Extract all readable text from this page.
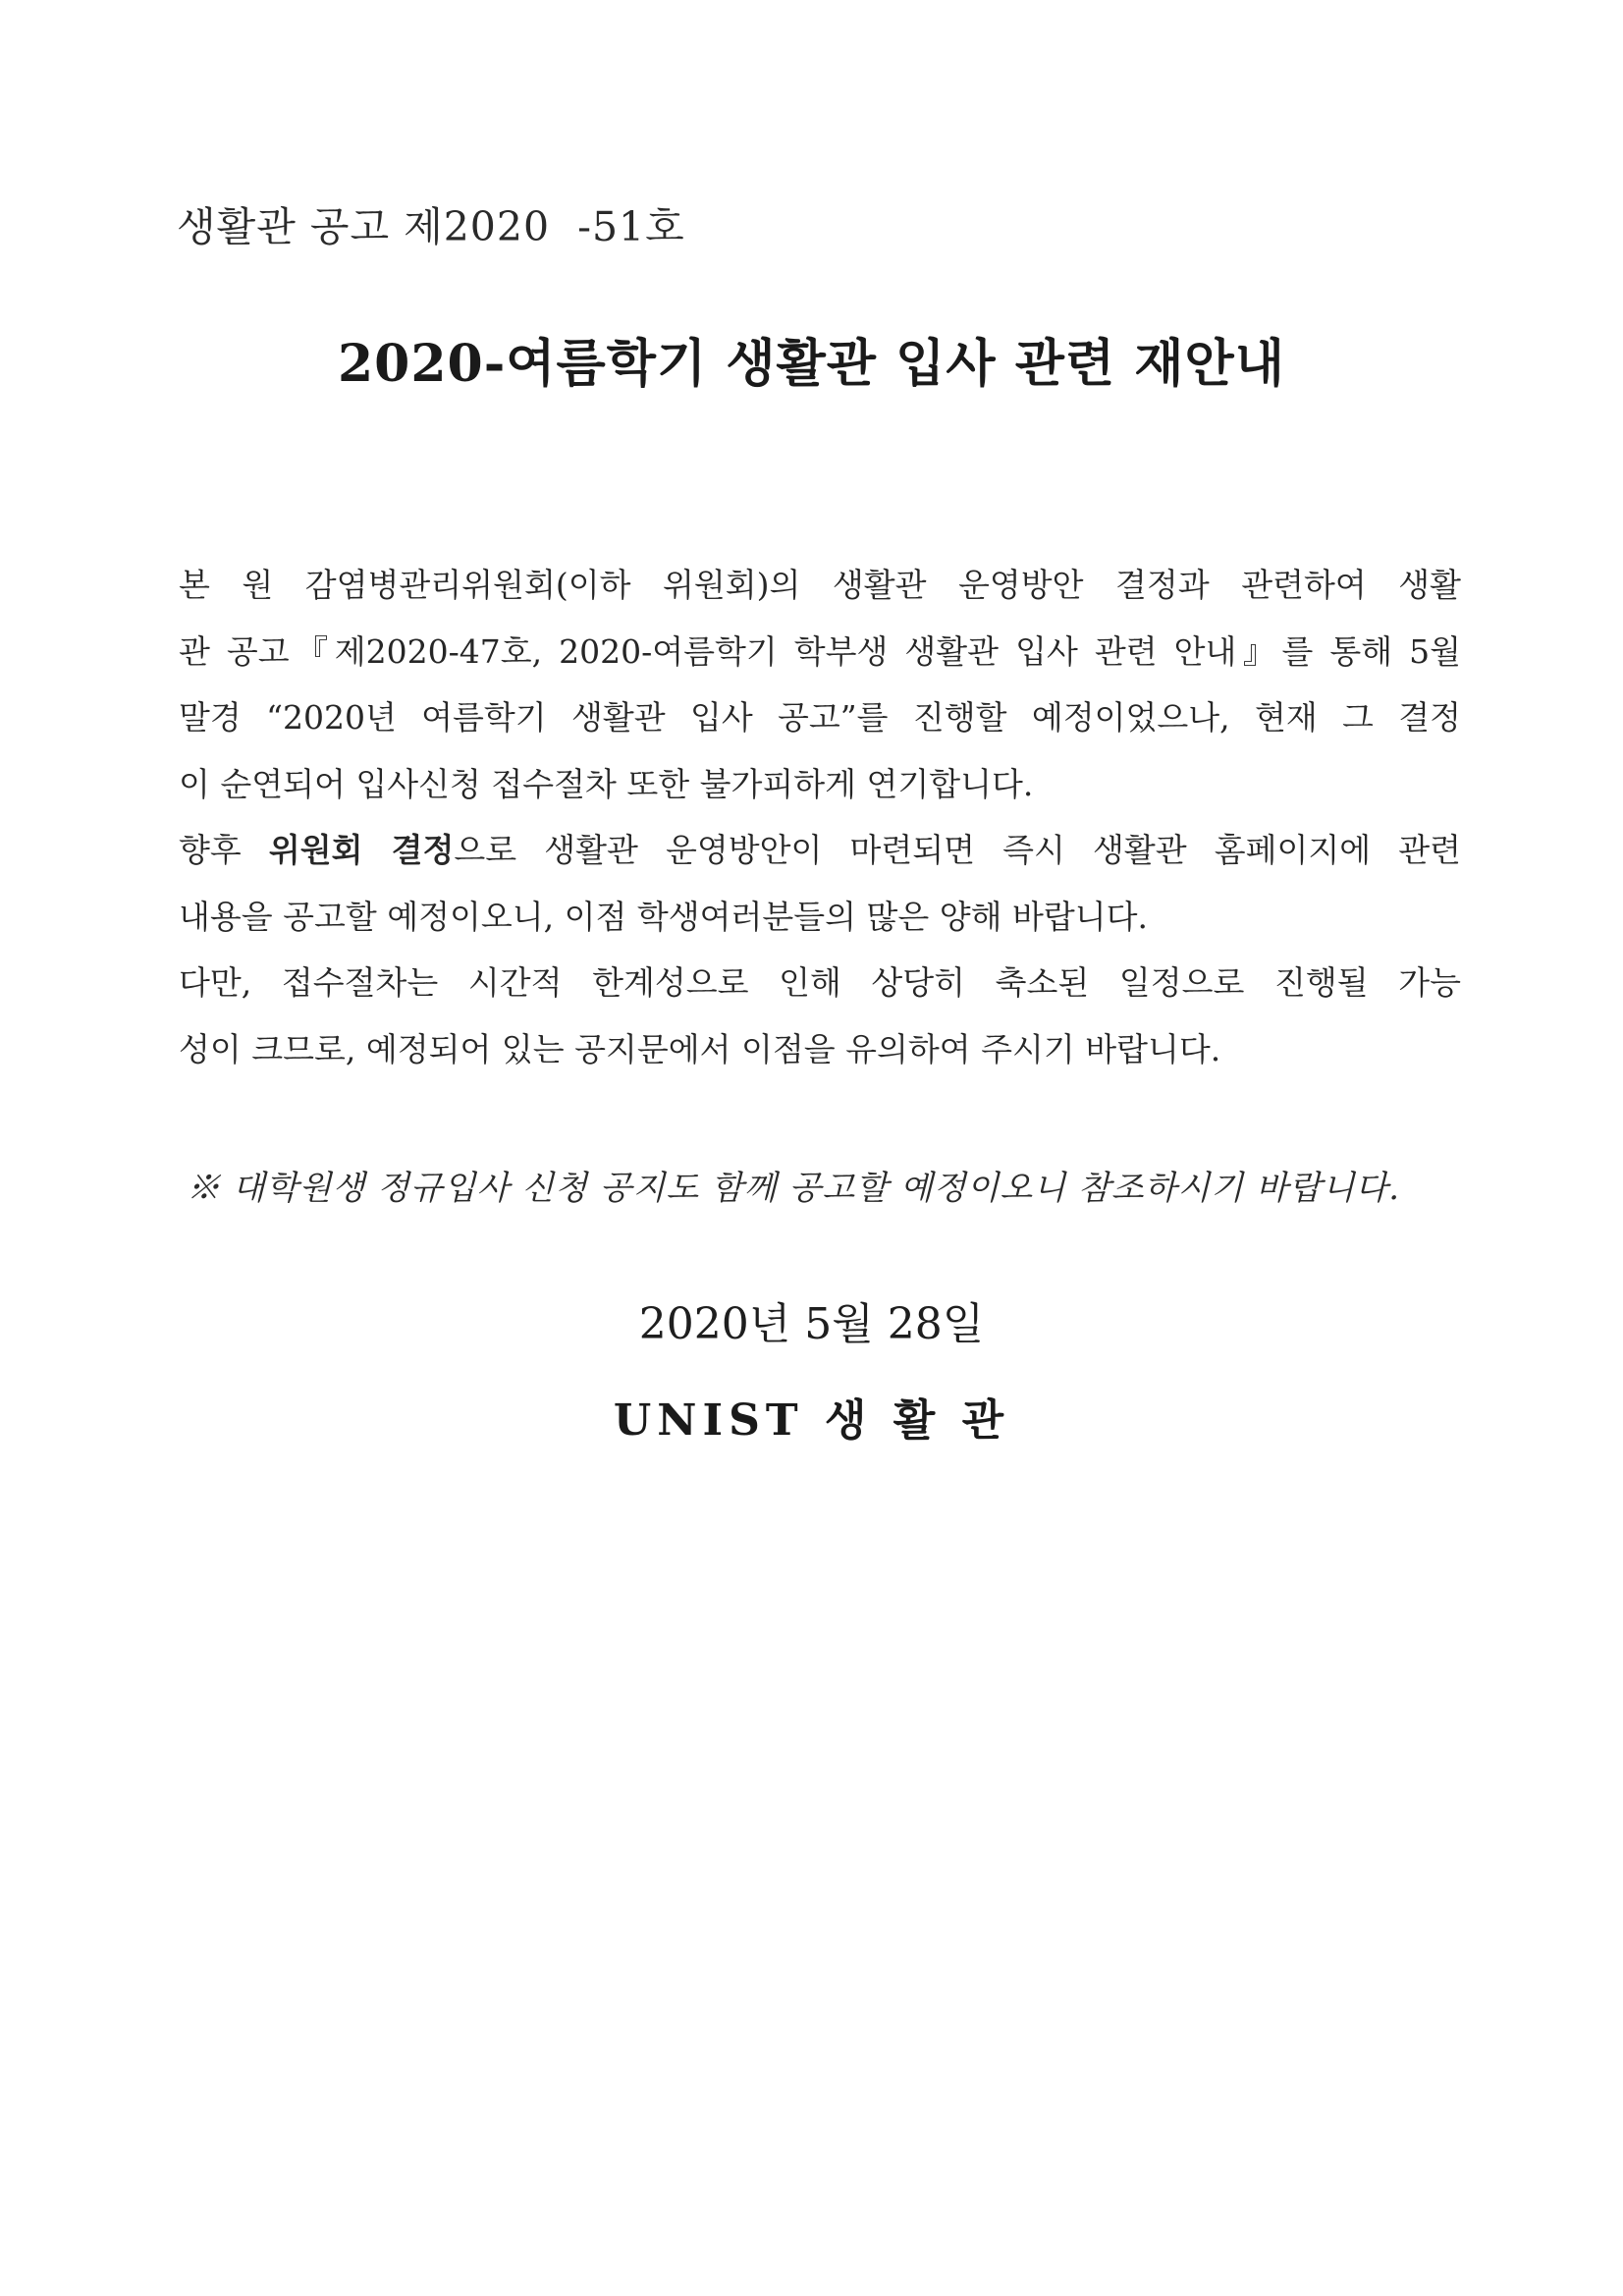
생활관 공고 제2020  -51호
2020-여름학기 생활관 입사 관련 재안내
본 원 감염병관리위원회(이하 위원회)의 생활관 운영방안 결정과 관련하여 생활
관 공고『제2020-47호, 2020-여름학기 학부생 생활관 입사 관련 안내』를 통해 5월
말경 “2020년 여름학기 생활관 입사 공고”를 진행할 예정이었으나, 현재 그 결정
이 순연되어 입사신청 접수절차 또한 불가피하게 연기합니다.
향후 위원회 결정으로 생활관 운영방안이 마련되면 즉시 생활관 홈페이지에 관련
내용을 공고할 예정이오니, 이점 학생여러분들의 많은 양해 바랍니다.
다만, 접수절차는 시간적 한계성으로 인해 상당히 축소된 일정으로 진행될 가능
성이 크므로, 예정되어 있는 공지문에서 이점을 유의하여 주시기 바랍니다.
※ 대학원생 정규입사 신청 공지도 함께 공고할 예정이오니 참조하시기 바랍니다.
2020년 5월 28일
UNIST 생 활 관
